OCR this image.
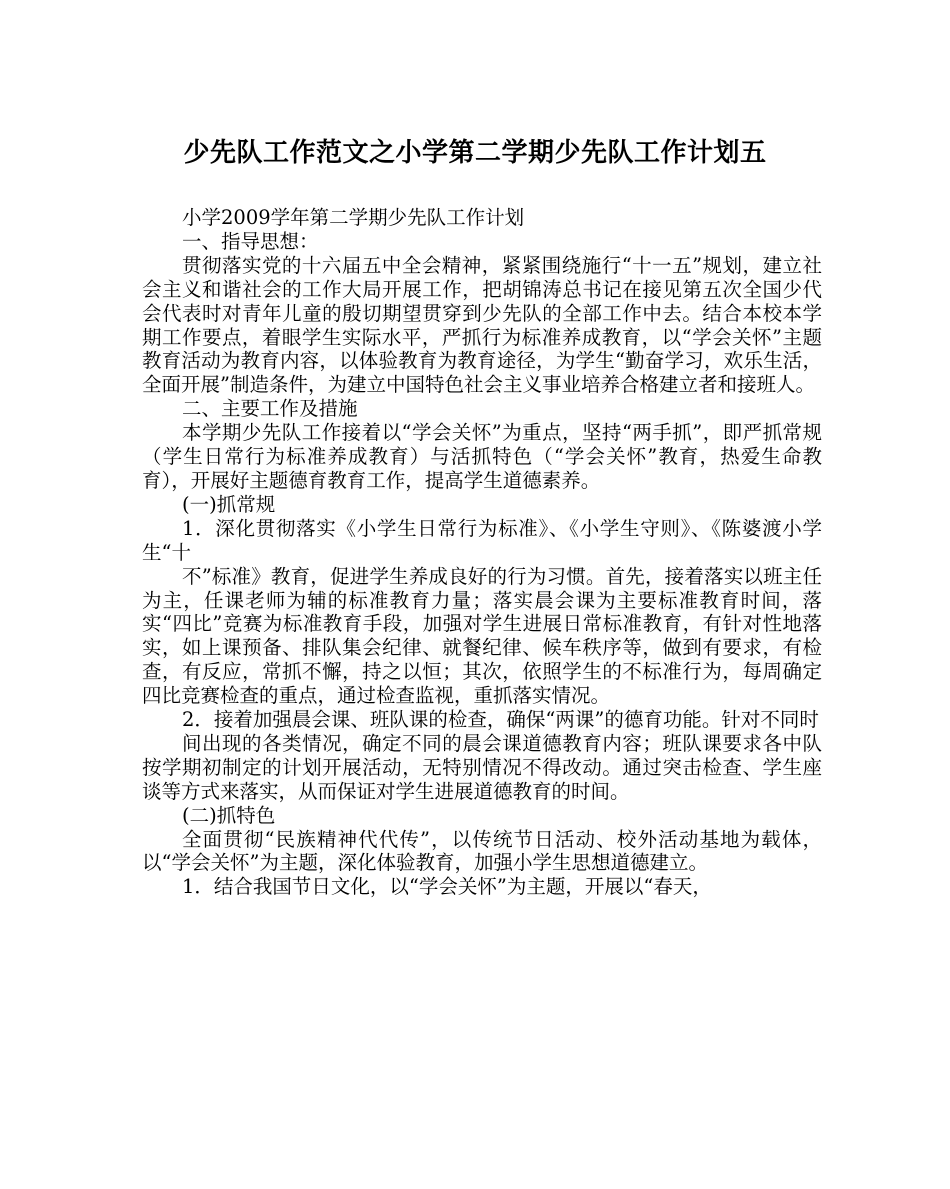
少先队工作范文之小学第二学期少先队工作计划五

小学2009学年第二学期少先队工作计划

一、指导思想：

贯彻落实党的十六届五中全会精神，紧紧围绕施行“十一五”规划，建立社会主义和谐社会的工作大局开展工作，把胡锦涛总书记在接见第五次全国少代会代表时对青年儿童的殷切期望贯穿到少先队的全部工作中去。结合本校本学期工作要点，着眼学生实际水平，严抓行为标准养成教育，以“学会关怀”主题教育活动为教育内容，以体验教育为教育途径，为学生“勤奋学习，欢乐生活，全面开展”制造条件，为建立中国特色社会主义事业培养合格建立者和接班人。

二、主要工作及措施

本学期少先队工作接着以“学会关怀”为重点，坚持“两手抓”，即严抓常规（学生日常行为标准养成教育）与活抓特色（“学会关怀”教育，热爱生命教育），开展好主题德育教育工作，提高学生道德素养。

(一)抓常规

1．深化贯彻落实《小学生日常行为标准》、《小学生守则》、《陈婆渡小学生“十

不”标准》教育，促进学生养成良好的行为习惯。首先，接着落实以班主任为主，任课老师为辅的标准教育力量；落实晨会课为主要标准教育时间，落实“四比”竞赛为标准教育手段，加强对学生进展日常标准教育，有针对性地落实，如上课预备、排队集会纪律、就餐纪律、候车秩序等，做到有要求，有检查，有反应，常抓不懈，持之以恒；其次，依照学生的不标准行为，每周确定四比竞赛检查的重点，通过检查监视，重抓落实情况。

2．接着加强晨会课、班队课的检查，确保“两课”的德育功能。针对不同时

间出现的各类情况，确定不同的晨会课道德教育内容；班队课要求各中队按学期初制定的计划开展活动，无特别情况不得改动。通过突击检查、学生座谈等方式来落实，从而保证对学生进展道德教育的时间。

(二)抓特色

全面贯彻“民族精神代代传”，以传统节日活动、校外活动基地为载体，以“学会关怀”为主题，深化体验教育，加强小学生思想道德建立。

1．结合我国节日文化，以“学会关怀”为主题，开展以“春天，
